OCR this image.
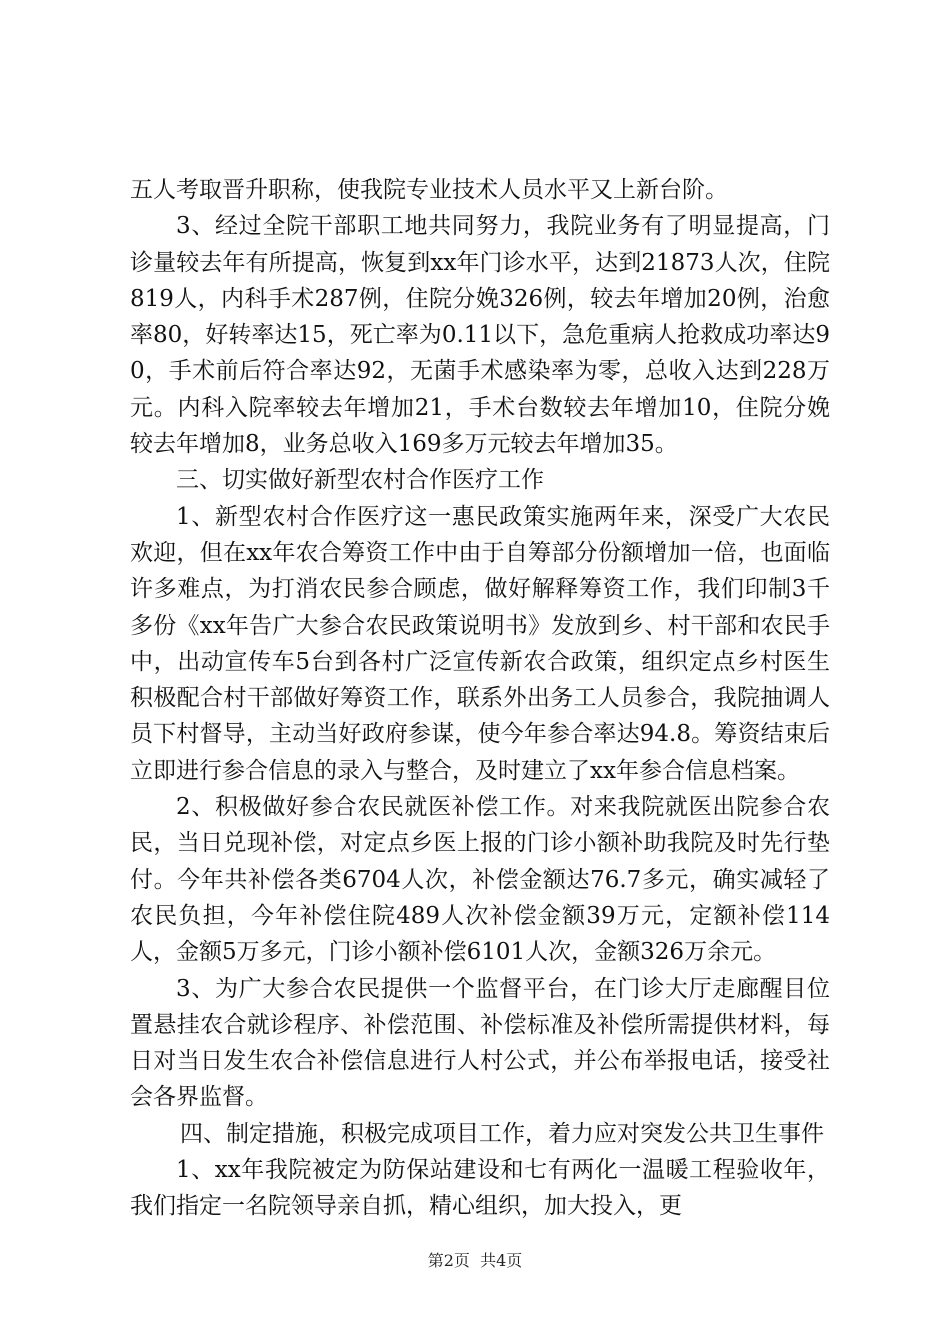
五人考取晋升职称，使我院专业技术人员水平又上新台阶。

3、经过全院干部职工地共同努力，我院业务有了明显提高，门诊量较去年有所提高，恢复到xx年门诊水平，达到21873人次，住院819人，内科手术287例，住院分娩326例，较去年增加20例，治愈率80，好转率达15，死亡率为0.11以下，急危重病人抢救成功率达90，手术前后符合率达92，无菌手术感染率为零，总收入达到228万元。内科入院率较去年增加21，手术台数较去年增加10，住院分娩较去年增加8，业务总收入169多万元较去年增加35。

三、切实做好新型农村合作医疗工作

1、新型农村合作医疗这一惠民政策实施两年来，深受广大农民欢迎，但在xx年农合筹资工作中由于自筹部分份额增加一倍，也面临许多难点，为打消农民参合顾虑，做好解释筹资工作，我们印制3千多份《xx年告广大参合农民政策说明书》发放到乡、村干部和农民手中，出动宣传车5台到各村广泛宣传新农合政策，组织定点乡村医生积极配合村干部做好筹资工作，联系外出务工人员参合，我院抽调人员下村督导，主动当好政府参谋，使今年参合率达94.8。筹资结束后立即进行参合信息的录入与整合，及时建立了xx年参合信息档案。

2、积极做好参合农民就医补偿工作。对来我院就医出院参合农民，当日兑现补偿，对定点乡医上报的门诊小额补助我院及时先行垫付。今年共补偿各类6704人次，补偿金额达76.7多元，确实减轻了农民负担，今年补偿住院489人次补偿金额39万元，定额补偿114人，金额5万多元，门诊小额补偿6101人次，金额326万余元。

3、为广大参合农民提供一个监督平台，在门诊大厅走廊醒目位置悬挂农合就诊程序、补偿范围、补偿标准及补偿所需提供材料，每日对当日发生农合补偿信息进行人村公式，并公布举报电话，接受社会各界监督。

四、制定措施，积极完成项目工作，着力应对突发公共卫生事件

1、xx年我院被定为防保站建设和七有两化一温暖工程验收年，我们指定一名院领导亲自抓，精心组织，加大投入，更

第2页  共4页
